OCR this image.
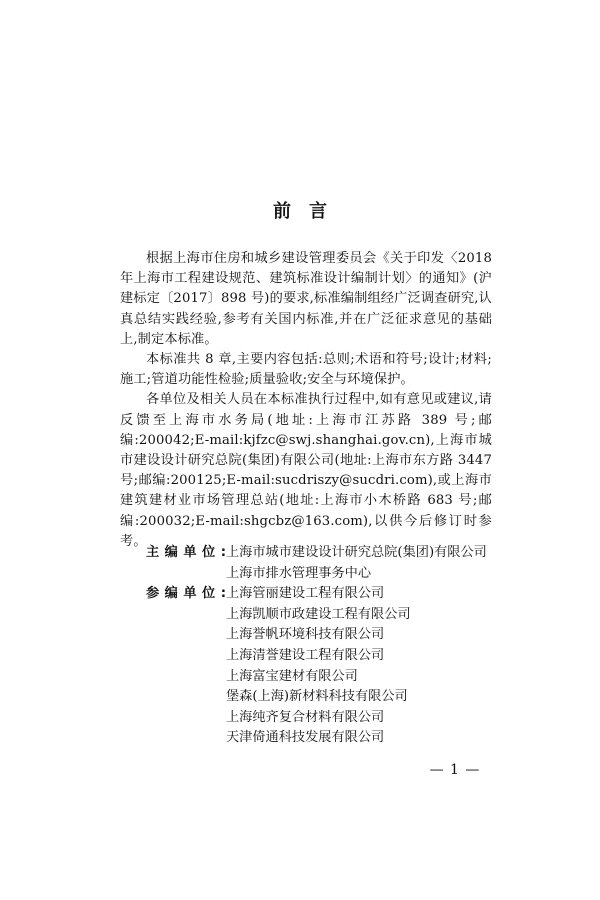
前言

根据上海市住房和城乡建设管理委员会《关于印发〈2018 年上海市工程建设规范、建筑标准设计编制计划〉的通知》(沪建标定〔2017〕898 号)的要求,标准编制组经广泛调查研究,认真总结实践经验,参考有关国内标准,并在广泛征求意见的基础上,制定本标准。

本标准共 8 章,主要内容包括:总则;术语和符号;设计;材料;施工;管道功能性检验;质量验收;安全与环境保护。

各单位及相关人员在本标准执行过程中,如有意见或建议,请反馈至上海市水务局(地址:上海市江苏路 389 号;邮编:200042;E-mail:kjfzc@swj.shanghai.gov.cn),上海市城市建设设计研究总院(集团)有限公司(地址:上海市东方路 3447 号;邮编:200125;E-mail:sucdriszy@sucdri.com),或上海市建筑建材业市场管理总站(地址:上海市小木桥路 683 号;邮编:200032;E-mail:shgcbz@163.com),以供今后修订时参考。

主 编 单 位 : 上海市城市建设设计研究总院(集团)有限公司
上海市排水管理事务中心
参 编 单 位 : 上海管丽建设工程有限公司
上海凯顺市政建设工程有限公司
上海誉帆环境科技有限公司
上海清誉建设工程有限公司
上海富宝建材有限公司
堡森(上海)新材料科技有限公司
上海纯齐复合材料有限公司
天津倚通科技发展有限公司
— 1 —
